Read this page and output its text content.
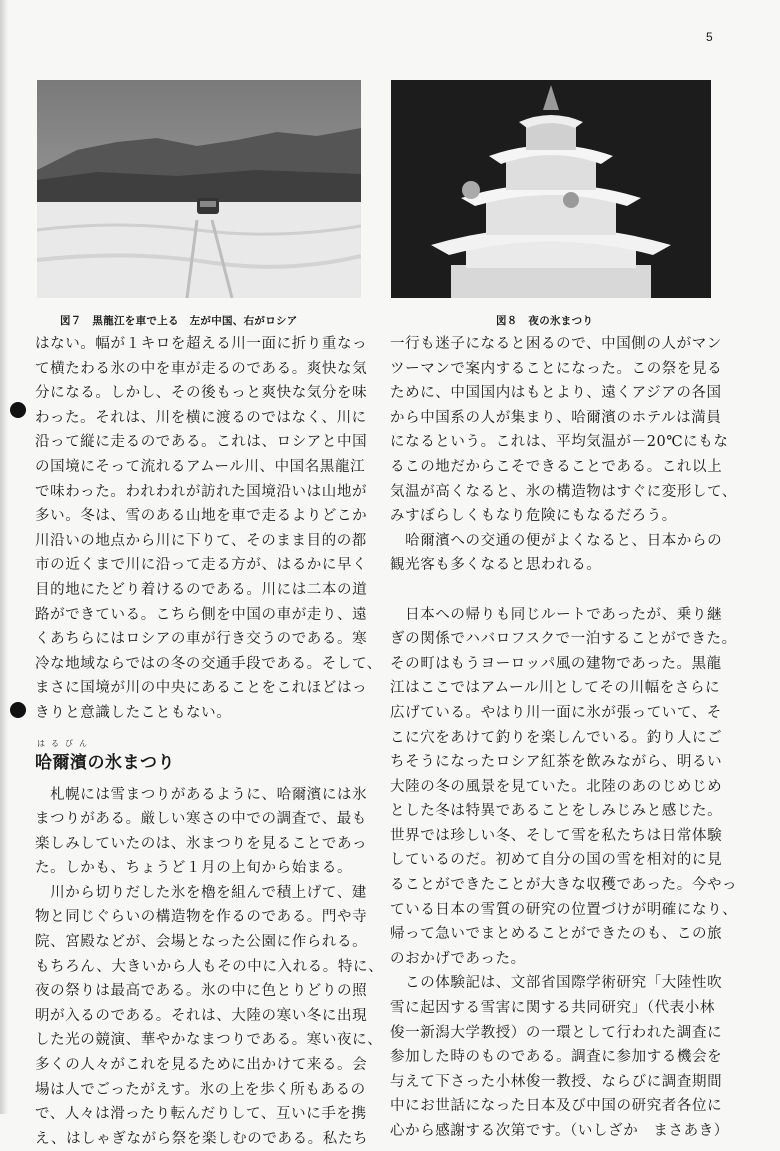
5
図７　黒龍江を車で上る　左が中国、右がロシア	図８　夜の氷まつり
はない。幅が１キロを超える川一面に折り重なっ
て横たわる氷の中を車が走るのである。爽快な気
分になる。しかし、その後もっと爽快な気分を味
わった。それは、川を横に渡るのではなく、川に
沿って縦に走るのである。これは、ロシアと中国
の国境にそって流れるアムール川、中国名黒龍江
で味わった。われわれが訪れた国境沿いは山地が
多い。冬は、雪のある山地を車で走るよりどこか
川沿いの地点から川に下りて、そのまま目的の都
市の近くまで川に沿って走る方が、はるかに早く
目的地にたどり着けるのである。川には二本の道
路ができている。こちら側を中国の車が走り、遠
くあちらにはロシアの車が行き交うのである。寒
冷な地域ならではの冬の交通手段である。そして、
まさに国境が川の中央にあることをこれほどはっ
きりと意識したこともない。
はるびん
哈爾濱の氷まつり
　札幌には雪まつりがあるように、哈爾濱には氷
まつりがある。厳しい寒さの中での調査で、最も
楽しみしていたのは、氷まつりを見ることであっ
た。しかも、ちょうど１月の上旬から始まる。
　川から切りだした氷を櫓を組んで積上げて、建
物と同じぐらいの構造物を作るのである。門や寺
院、宮殿などが、会場となった公園に作られる。
もちろん、大きいから人もその中に入れる。特に、
夜の祭りは最高である。氷の中に色とりどりの照
明が入るのである。それは、大陸の寒い冬に出現
した光の競演、華やかなまつりである。寒い夜に、
多くの人々がこれを見るために出かけて来る。会
場は人でごったがえす。氷の上を歩く所もあるの
で、人々は滑ったり転んだりして、互いに手を携
え、はしゃぎながら祭を楽しむのである。私たち
一行も迷子になると困るので、中国側の人がマン
ツーマンで案内することになった。この祭を見る
ために、中国国内はもとより、遠くアジアの各国
から中国系の人が集まり、哈爾濱のホテルは満員
になるという。これは、平均気温が－20℃にもな
るこの地だからこそできることである。これ以上
気温が高くなると、氷の構造物はすぐに変形して、
みすぼらしくもなり危険にもなるだろう。
　哈爾濱への交通の便がよくなると、日本からの
観光客も多くなると思われる。
　日本への帰りも同じルートであったが、乗り継
ぎの関係でハバロフスクで一泊することができた。
その町はもうヨーロッパ風の建物であった。黒龍
江はここではアムール川としてその川幅をさらに
広げている。やはり川一面に氷が張っていて、そ
こに穴をあけて釣りを楽しんでいる。釣り人にご
ちそうになったロシア紅茶を飲みながら、明るい
大陸の冬の風景を見ていた。北陸のあのじめじめ
とした冬は特異であることをしみじみと感じた。
世界では珍しい冬、そして雪を私たちは日常体験
しているのだ。初めて自分の国の雪を相対的に見
ることができたことが大きな収穫であった。今やっ
ている日本の雪質の研究の位置づけが明確になり、
帰って急いでまとめることができたのも、この旅
のおかげであった。
　この体験記は、文部省国際学術研究「大陸性吹
雪に起因する雪害に関する共同研究」（代表小林
俊一新潟大学教授）の一環として行われた調査に
参加した時のものである。調査に参加する機会を
与えて下さった小林俊一教授、ならびに調査期間
中にお世話になった日本及び中国の研究者各位に
心から感謝する次第です。（いしざか　まさあき）
